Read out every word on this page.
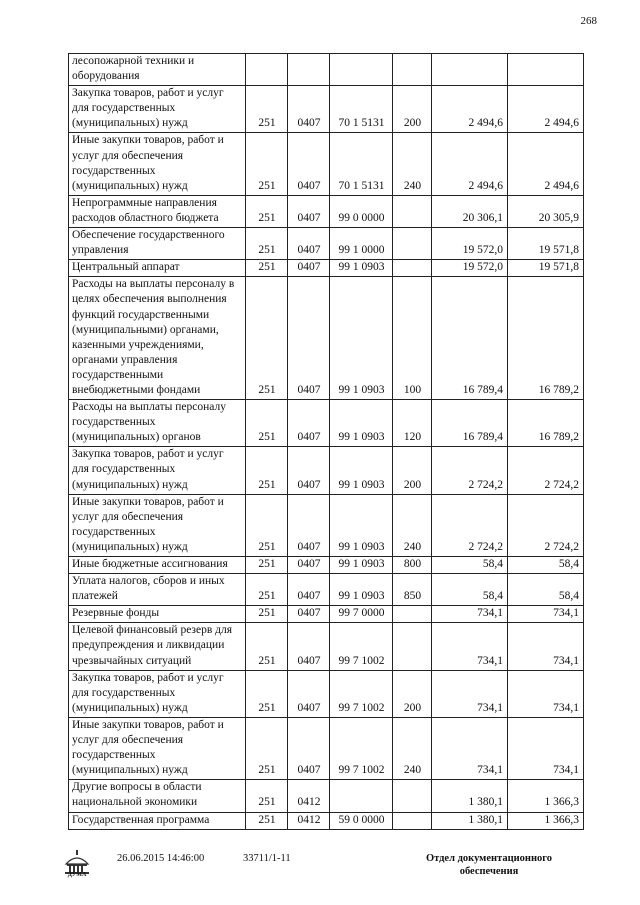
268
лесопожарной техники и оборудования						
Закупка товаров, работ и услуг для государственных (муниципальных) нужд	251	0407	70 1 5131	200	2 494,6	2 494,6
Иные закупки товаров, работ и услуг для обеспечения государственных (муниципальных) нужд	251	0407	70 1 5131	240	2 494,6	2 494,6
Непрограммные направления расходов областного бюджета	251	0407	99 0 0000		20 306,1	20 305,9
Обеспечение государственного управления	251	0407	99 1 0000		19 572,0	19 571,8
Центральный аппарат	251	0407	99 1 0903		19 572,0	19 571,8
Расходы на выплаты персоналу в целях обеспечения выполнения функций государственными (муниципальными) органами, казенными учреждениями, органами управления государственными внебюджетными фондами	251	0407	99 1 0903	100	16 789,4	16 789,2
Расходы на выплаты персоналу государственных (муниципальных) органов	251	0407	99 1 0903	120	16 789,4	16 789,2
Закупка товаров, работ и услуг для государственных (муниципальных) нужд	251	0407	99 1 0903	200	2 724,2	2 724,2
Иные закупки товаров, работ и услуг для обеспечения государственных (муниципальных) нужд	251	0407	99 1 0903	240	2 724,2	2 724,2
Иные бюджетные ассигнования	251	0407	99 1 0903	800	58,4	58,4
Уплата налогов, сборов и иных платежей	251	0407	99 1 0903	850	58,4	58,4
Резервные фонды	251	0407	99 7 0000		734,1	734,1
Целевой финансовый резерв для предупреждения и ликвидации чрезвычайных ситуаций	251	0407	99 7 1002		734,1	734,1
Закупка товаров, работ и услуг для государственных (муниципальных) нужд	251	0407	99 7 1002	200	734,1	734,1
Иные закупки товаров, работ и услуг для обеспечения государственных (муниципальных) нужд	251	0407	99 7 1002	240	734,1	734,1
Другие вопросы в области национальной экономики	251	0412			1 380,1	1 366,3
Государственная программа	251	0412	59 0 0000		1 380,1	1 366,3
ДУМА
26.06.2015 14:46:00	33711/1-11	Отдел документационного обеспечения
